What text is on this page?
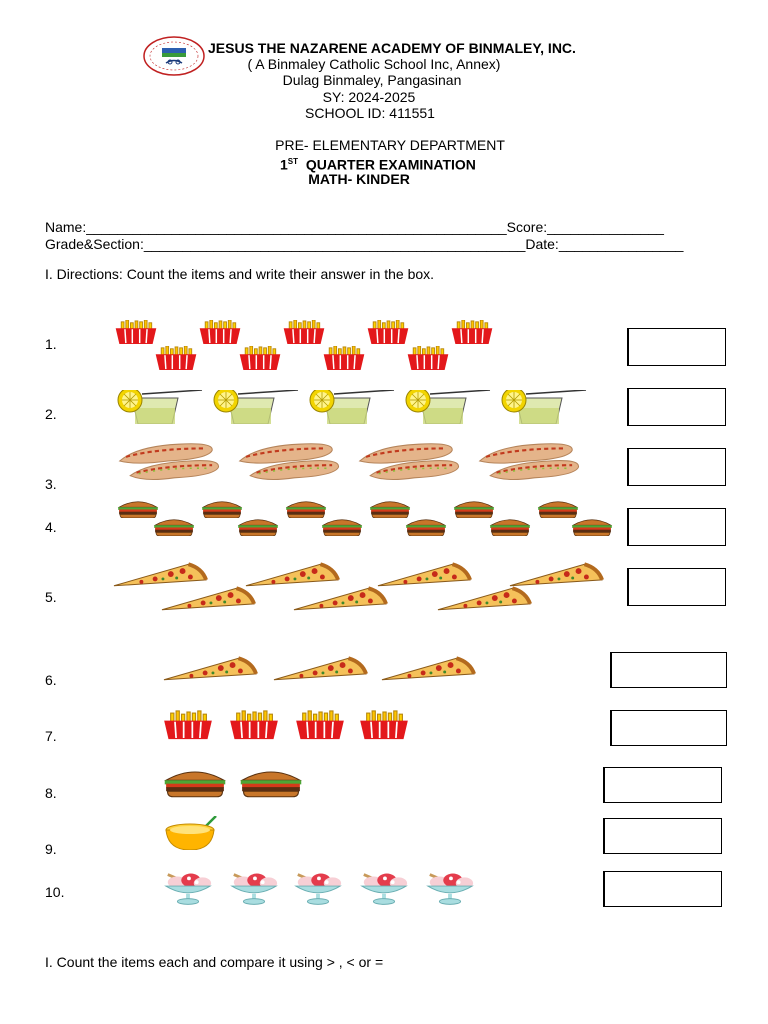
JESUS THE NAZARENE ACADEMY OF BINMALEY, INC.
( A Binmaley Catholic School Inc, Annex)
Dulag Binmaley, Pangasinan
SY: 2024-2025
SCHOOL ID: 411551
PRE- ELEMENTARY DEPARTMENT
1ST QUARTER EXAMINATION
MATH- KINDER
Name:______________________________________________________Score:_______________
Grade&Section:_________________________________________________Date:________________
I. Directions: Count the items and write their answer in the box.
1.
2.
3.
4.
5.
6.
7.
8.
9.
10.
I. Count the items each and compare it using > , < or =
